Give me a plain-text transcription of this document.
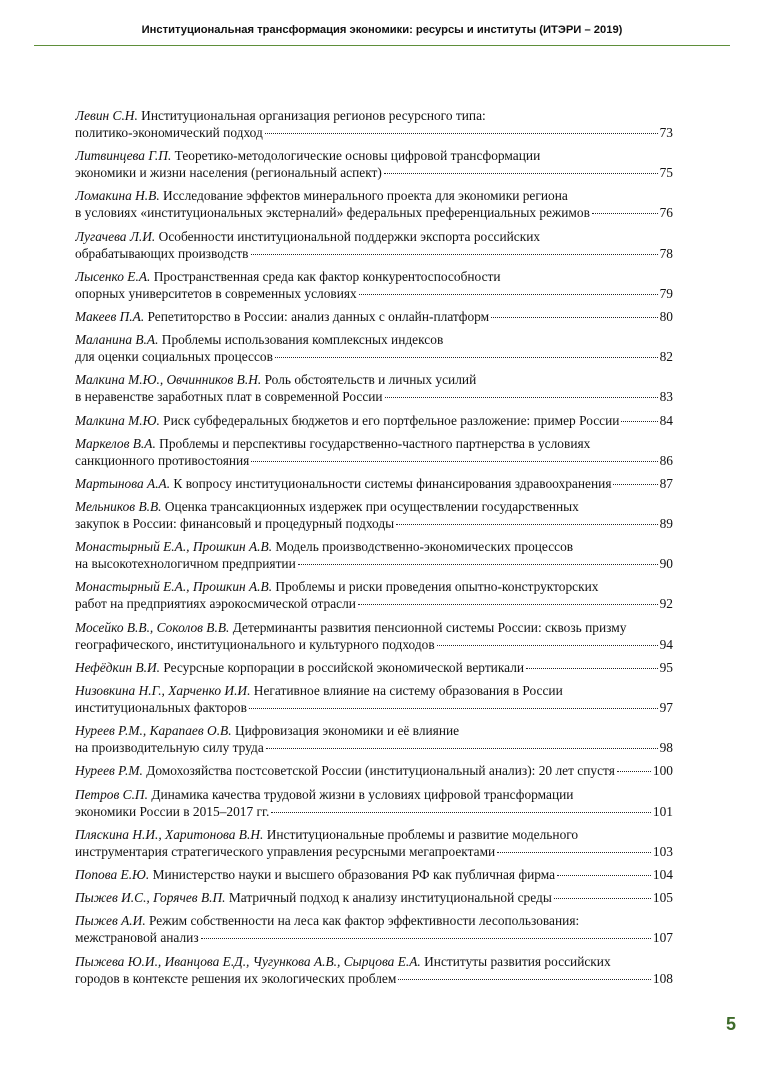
Институциональная трансформация экономики: ресурсы и институты (ИТЭРИ – 2019)
Левин С.Н. Институциональная организация регионов ресурсного типа:
политико-экономический подход	73
Литвинцева Г.П. Теоретико-методологические основы цифровой трансформации
экономики и жизни населения (региональный аспект)	75
Ломакина Н.В. Исследование эффектов минерального проекта для экономики региона
в условиях «институциональных экстерналий» федеральных преференциальных режимов	76
Лугачева Л.И. Особенности институциональной поддержки экспорта российских
обрабатывающих производств	78
Лысенко Е.А. Пространственная среда как фактор конкурентоспособности
опорных университетов в современных условиях	79
Макеев П.А. Репетиторство в России: анализ данных с онлайн-платформ	80
Маланина В.А. Проблемы использования комплексных индексов
для оценки социальных процессов	82
Малкина М.Ю., Овчинников В.Н. Роль обстоятельств и личных усилий
в неравенстве заработных плат в современной России	83
Малкина М.Ю. Риск субфедеральных бюджетов и его портфельное разложение: пример России	84
Маркелов В.А. Проблемы и перспективы государственно-частного партнерства в условиях
санкционного противостояния	86
Мартынова А.А. К вопросу институциональности системы финансирования здравоохранения	87
Мельников В.В. Оценка трансакционных издержек при осуществлении государственных
закупок в России: финансовый и процедурный подходы	89
Монастырный Е.А., Прошкин А.В. Модель производственно-экономических процессов
на высокотехнологичном предприятии	90
Монастырный Е.А., Прошкин А.В. Проблемы и риски проведения опытно-конструкторских
работ на предприятиях аэрокосмической отрасли	92
Мосейко В.В., Соколов В.В. Детерминанты развития пенсионной системы России: сквозь призму
географического, институционального и культурного подходов	94
Нефёдкин В.И. Ресурсные корпорации в российской экономической вертикали	95
Низовкина Н.Г., Харченко И.И. Негативное влияние на систему образования в России
институциональных факторов	97
Нуреев Р.М., Карапаев О.В. Цифровизация экономики и её влияние
на производительную силу труда	98
Нуреев Р.М. Домохозяйства постсоветской России (институциональный анализ): 20 лет спустя	100
Петров С.П. Динамика качества трудовой жизни в условиях цифровой трансформации
экономики России в 2015–2017 гг.	101
Пляскина Н.И., Харитонова В.Н. Институциональные проблемы и развитие модельного
инструментария стратегического управления ресурсными мегапроектами	103
Попова Е.Ю. Министерство науки и высшего образования РФ как публичная фирма	104
Пыжев И.С., Горячев В.П. Матричный подход к анализу институциональной среды	105
Пыжев А.И. Режим собственности на леса как фактор эффективности лесопользования:
межстрановой анализ	107
Пыжева Ю.И., Иванцова Е.Д., Чугункова А.В., Сырцова Е.А. Институты развития российских
городов в контексте решения их экологических проблем	108
5
